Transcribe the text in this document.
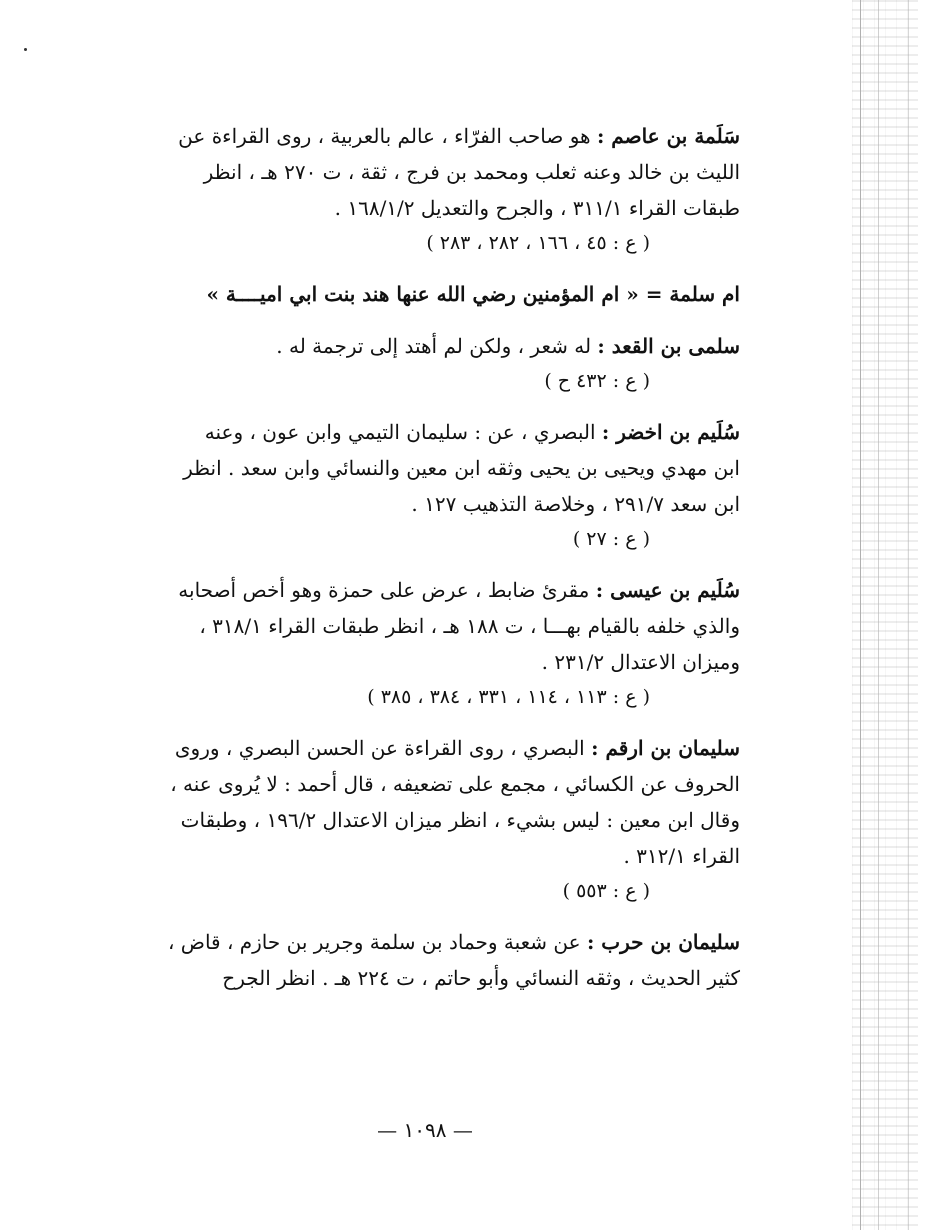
سَلَمة بن عاصم : هو صاحب الفرّاء ، عالم بالعربية ، روى القراءة عن
الليث بن خالد وعنه ثعلب ومحمد بن فرج ، ثقة ، ت ٢٧٠ هـ ، انظر
طبقات القراء ٣١١/١ ، والجرح والتعديل ١٦٨/١/٢ .
( ع : ٤٥ ، ١٦٦ ، ٢٨٢ ، ٢٨٣ )
ام سلمة = « ام المؤمنين رضي الله عنها هند بنت ابي اميــــة »
سلمى بن القعد : له شعر ، ولكن لم أهتد إلى ترجمة له .
( ع : ٤٣٢ ح )
سُلَيم بن اخضر : البصري ، عن : سليمان التيمي وابن عون ، وعنه
ابن مهدي ويحيى بن يحيى وثقه ابن معين والنسائي وابن سعد . انظر
ابن سعد ٢٩١/٧ ، وخلاصة التذهيب ١٢٧ .
( ع : ٢٧ )
سُلَيم بن عيسى : مقرئ ضابط ، عرض على حمزة وهو أخص أصحابه
والذي خلفه بالقيام بهـــا ، ت ١٨٨ هـ ، انظر طبقات القراء ٣١٨/١ ،
وميزان الاعتدال ٢٣١/٢ .
( ع : ١١٣ ، ١١٤ ، ٣٣١ ، ٣٨٤ ، ٣٨٥ )
سليمان بن ارقم : البصري ، روى القراءة عن الحسن البصري ، وروى
الحروف عن الكسائي ، مجمع على تضعيفه ، قال أحمد : لا يُروى عنه ،
وقال ابن معين : ليس بشيء ، انظر ميزان الاعتدال ١٩٦/٢ ، وطبقات
القراء ٣١٢/١ .
( ع : ٥٥٣ )
سليمان بن حرب : عن شعبة وحماد بن سلمة وجرير بن حازم ، قاض ،
كثير الحديث ، وثقه النسائي وأبو حاتم ، ت ٢٢٤ هـ . انظر الجرح
— ١٠٩٨ —
